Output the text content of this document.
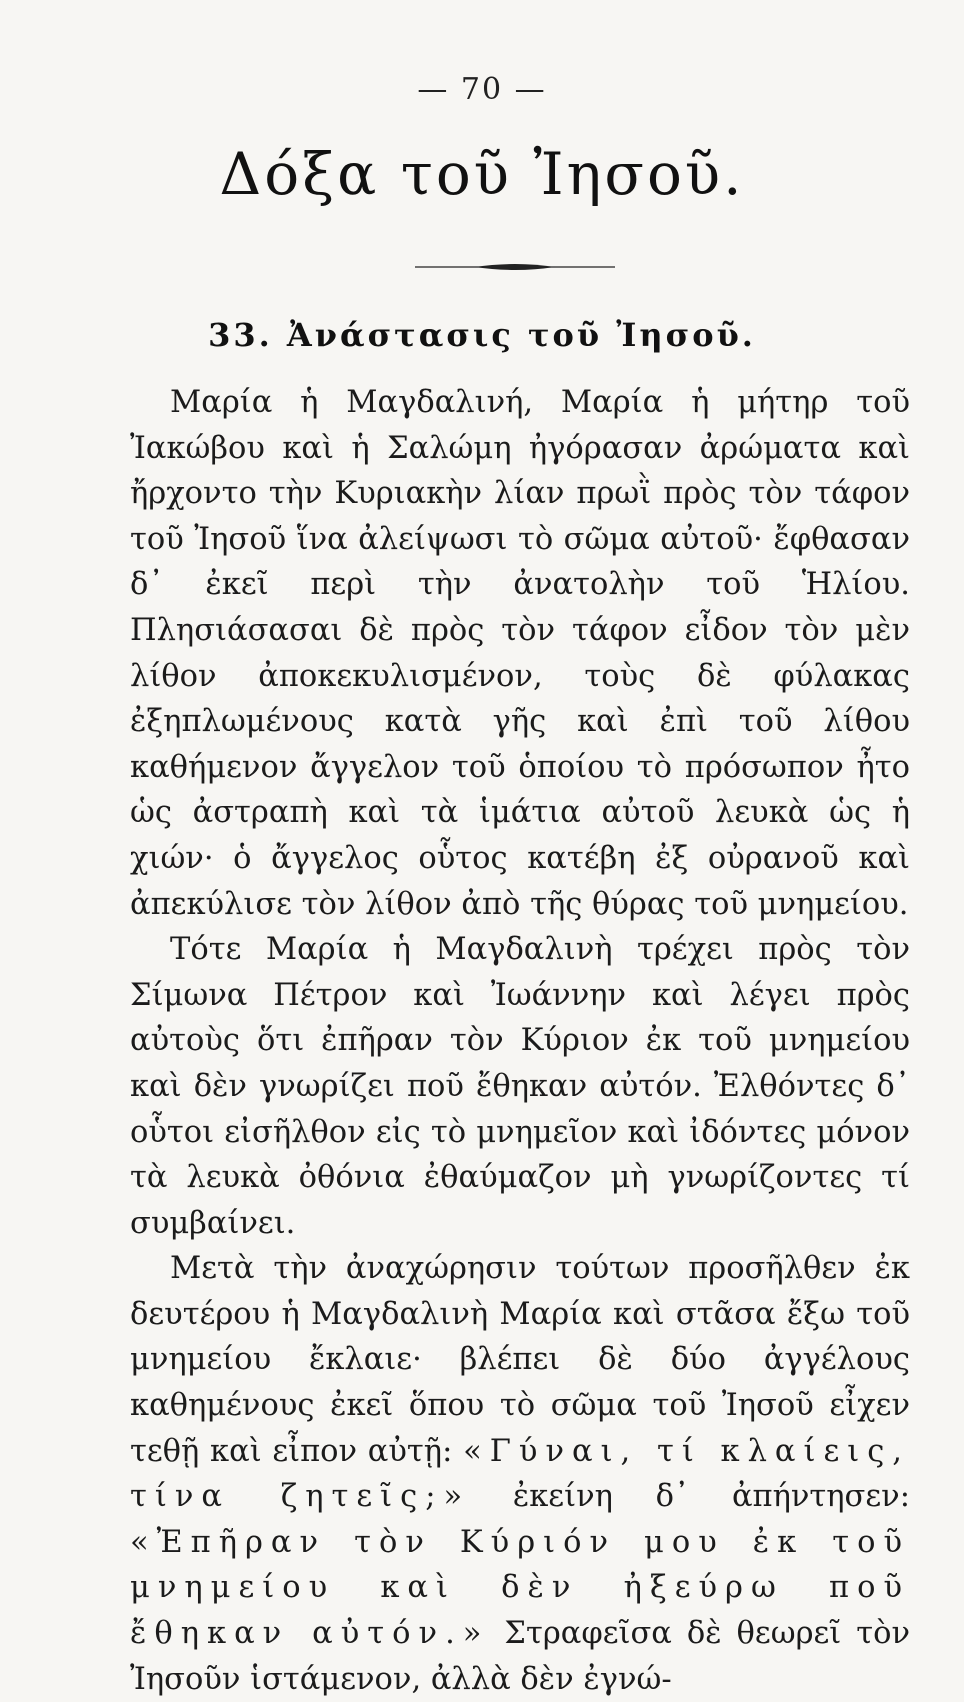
— 70 —
Δόξα τοῦ Ἰησοῦ.
33. Ἀνάστασις τοῦ Ἰησοῦ.

Μαρία ἡ Μαγδαλινή, Μαρία ἡ μήτηρ τοῦ Ἰακώβου καὶ ἡ Σαλώμη ἠγόρασαν ἀρώματα καὶ ἤρχοντο τὴν Κυριακὴν λίαν πρωῒ πρὸς τὸν τάφον τοῦ Ἰησοῦ ἵνα ἀλείψωσι τὸ σῶμα αὐτοῦ· ἔφθασαν δ᾽ ἐκεῖ περὶ τὴν ἀνατολὴν τοῦ Ἡλίου. Πλησιάσασαι δὲ πρὸς τὸν τάφον εἶδον τὸν μὲν λίθον ἀποκεκυλισμένον, τοὺς δὲ φύλακας ἐξηπλωμένους κατὰ γῆς καὶ ἐπὶ τοῦ λίθου καθήμενον ἄγγελον τοῦ ὁποίου τὸ πρόσωπον ἦτο ὡς ἀστραπὴ καὶ τὰ ἱμάτια αὐτοῦ λευκὰ ὡς ἡ χιών· ὁ ἄγγελος οὗτος κατέβη ἐξ οὐρανοῦ καὶ ἀπεκύλισε τὸν λίθον ἀπὸ τῆς θύρας τοῦ μνημείου.

Τότε Μαρία ἡ Μαγδαλινὴ τρέχει πρὸς τὸν Σίμωνα Πέτρον καὶ Ἰωάννην καὶ λέγει πρὸς αὐτοὺς ὅτι ἐπῆραν τὸν Κύριον ἐκ τοῦ μνημείου καὶ δὲν γνωρίζει ποῦ ἔθηκαν αὐτόν. Ἐλθόντες δ᾽ οὗτοι εἰσῆλθον εἰς τὸ μνημεῖον καὶ ἰδόντες μόνον τὰ λευκὰ ὀθόνια ἐθαύμαζον μὴ γνωρίζοντες τί συμβαίνει.

Μετὰ τὴν ἀναχώρησιν τούτων προσῆλθεν ἐκ δευτέρου ἡ Μαγδαλινὴ Μαρία καὶ στᾶσα ἔξω τοῦ μνημείου ἔκλαιε· βλέπει δὲ δύο ἀγγέλους καθημένους ἐκεῖ ὅπου τὸ σῶμα τοῦ Ἰησοῦ εἶχεν τεθῇ καὶ εἶπον αὐτῇ: «Γύναι, τί κλαίεις, τίνα ζητεῖς;» ἐκείνη δ᾽ ἀπήντησεν: «Ἐπῆραν τὸν Κύριόν μου ἐκ τοῦ μνημείου καὶ δὲν ἠξεύρω ποῦ ἔθηκαν αὐτόν.» Στραφεῖσα δὲ θεωρεῖ τὸν Ἰησοῦν ἱστάμενον, ἀλλὰ δὲν ἐγνώ-
